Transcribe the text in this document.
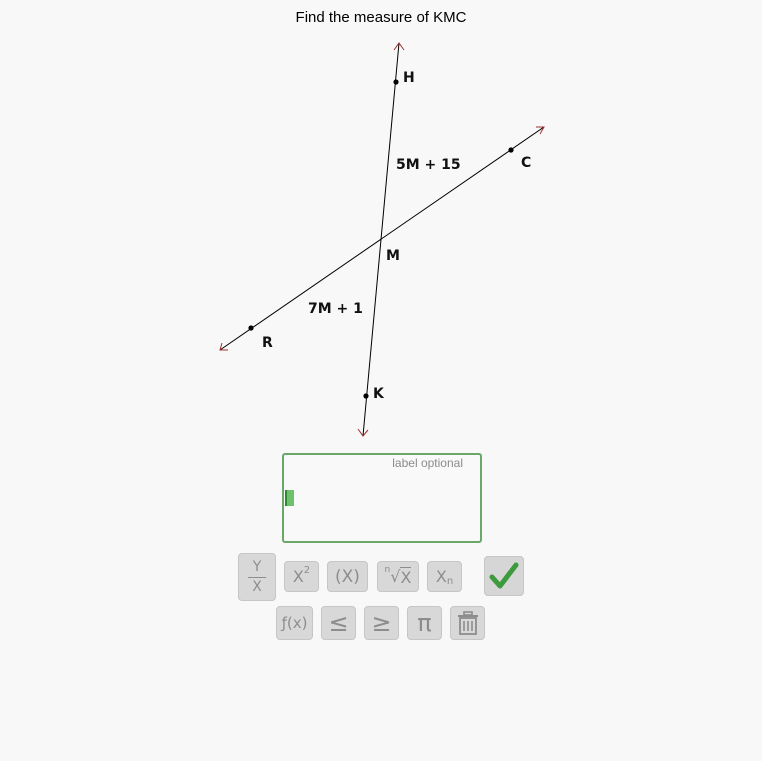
Find the measure of KMC
H
C
M
R
K
5M + 15
7M + 1
label optional
Y
X
X 2 (X)	n √ X X n
ƒ(x) ≤ ≥ π
